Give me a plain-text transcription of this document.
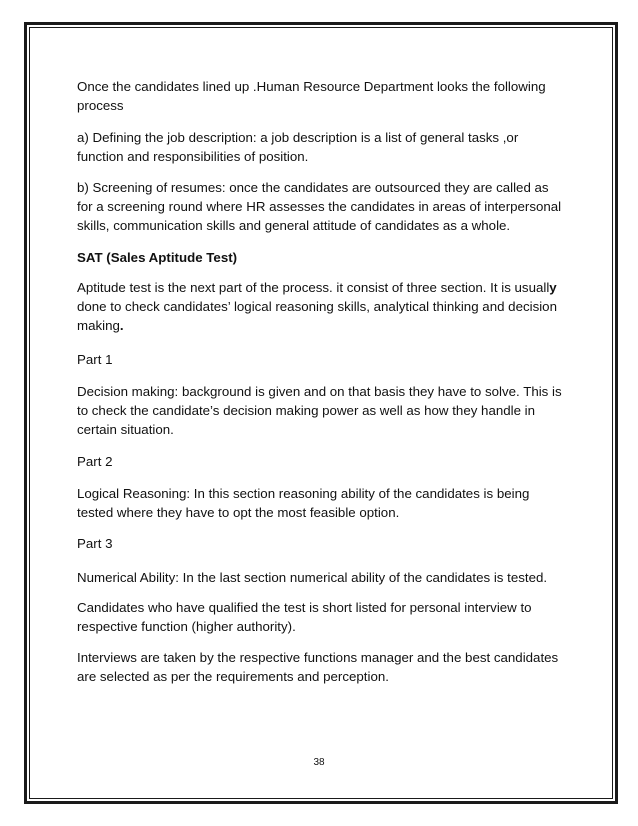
Once the candidates lined up .Human Resource Department looks the following process

a) Defining the job description: a job description is a list of general tasks ,or function and responsibilities of position.

b) Screening of resumes: once the candidates are outsourced they are called as for a screening round where HR assesses the candidates in areas of interpersonal skills, communication skills and general attitude of candidates as a whole.

SAT (Sales Aptitude Test)

Aptitude test is the next part of the process. it consist of three section. It is usually done to check candidates’ logical reasoning skills, analytical thinking and decision making.

Part 1

Decision making: background is given and on that basis they have to solve. This is to check the candidate’s decision making power as well as how they handle in certain situation.

Part 2

Logical Reasoning: In this section reasoning ability of the candidates is being tested where they have to opt the most feasible option.

Part 3

Numerical Ability: In the last section numerical ability of the candidates is tested.

Candidates who have qualified the test is short listed for personal interview to respective function (higher authority).

Interviews are taken by the respective functions manager and the best candidates are selected as per the requirements and perception.

38
